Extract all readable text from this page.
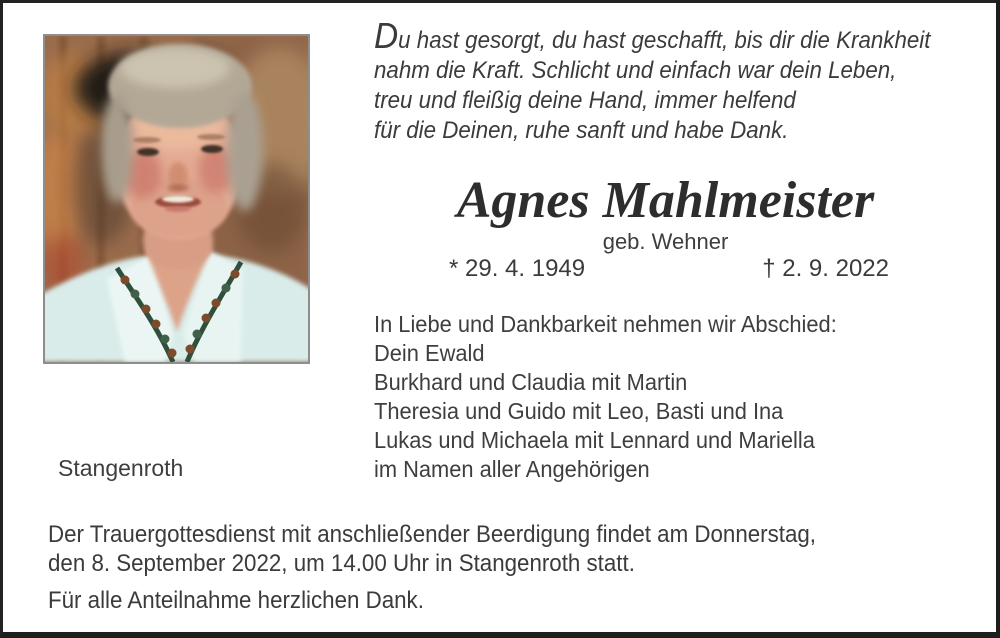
Du hast gesorgt, du hast geschafft, bis dir die Krankheit
nahm die Kraft. Schlicht und einfach war dein Leben,
treu und fleißig deine Hand, immer helfend
für die Deinen, ruhe sanft und habe Dank.
Agnes Mahlmeister
geb. Wehner
* 29. 4. 1949	† 2. 9. 2022
In Liebe und Dankbarkeit nehmen wir Abschied:
Dein Ewald
Burkhard und Claudia mit Martin
Theresia und Guido mit Leo, Basti und Ina
Lukas und Michaela mit Lennard und Mariella
im Namen aller Angehörigen
Stangenroth
Der Trauergottesdienst mit anschließender Beerdigung findet am Donnerstag,
den 8. September 2022, um 14.00 Uhr in Stangenroth statt.
Für alle Anteilnahme herzlichen Dank.
